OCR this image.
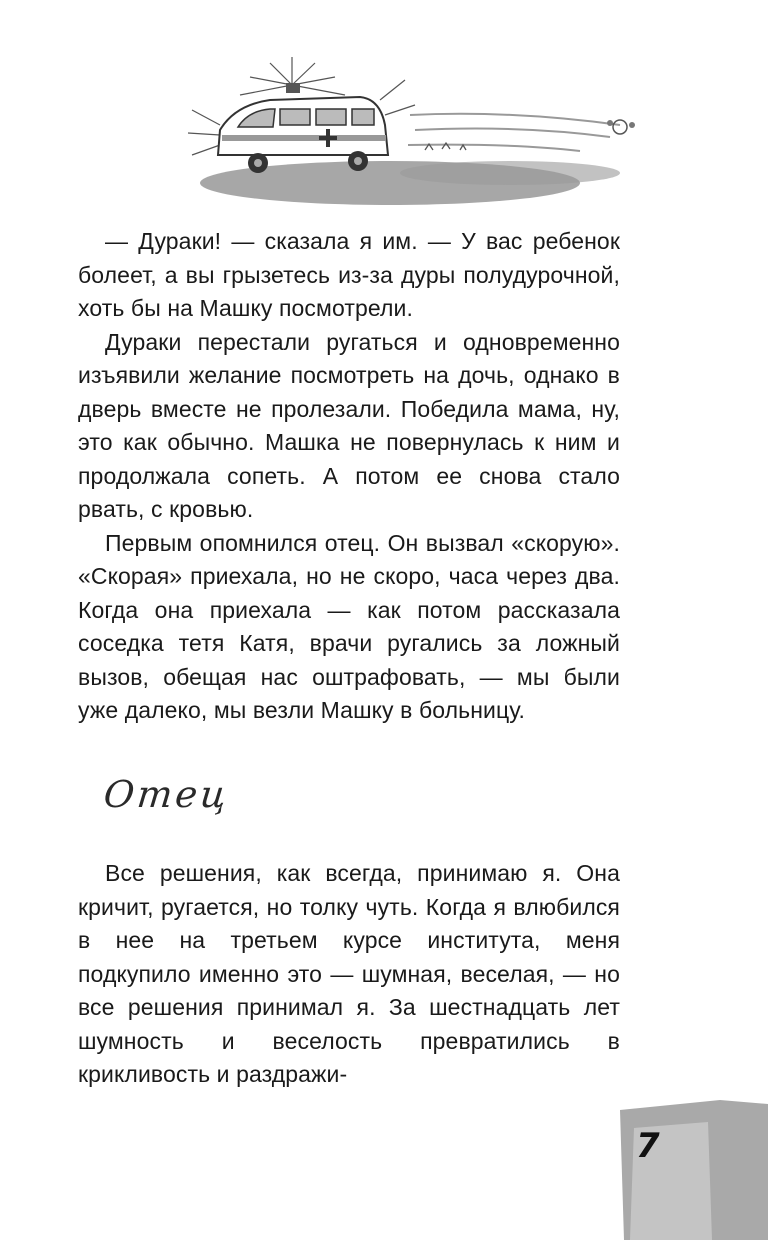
— Дураки! — сказала я им. — У вас ребенок болеет, а вы грызетесь из-за дуры полудурочной, хоть бы на Машку посмотрели.

Дураки перестали ругаться и одновременно изъявили желание посмотреть на дочь, однако в дверь вместе не пролезали. Победила мама, ну, это как обычно. Машка не повернулась к ним и продолжала сопеть. А потом ее снова стало рвать, с кровью.

Первым опомнился отец. Он вызвал «скорую». «Скорая» приехала, но не скоро, часа через два. Когда она приехала — как потом рассказала соседка тетя Катя, врачи ругались за ложный вызов, обещая нас оштрафовать, — мы были уже далеко, мы везли Машку в больницу.

Отец

Все решения, как всегда, принимаю я. Она кричит, ругается, но толку чуть. Когда я влюбился в нее на третьем курсе института, меня подкупило именно это — шумная, веселая, — но все решения принимал я. За шестнадцать лет шумность и веселость превратились в крикливость и раздражи-

7
